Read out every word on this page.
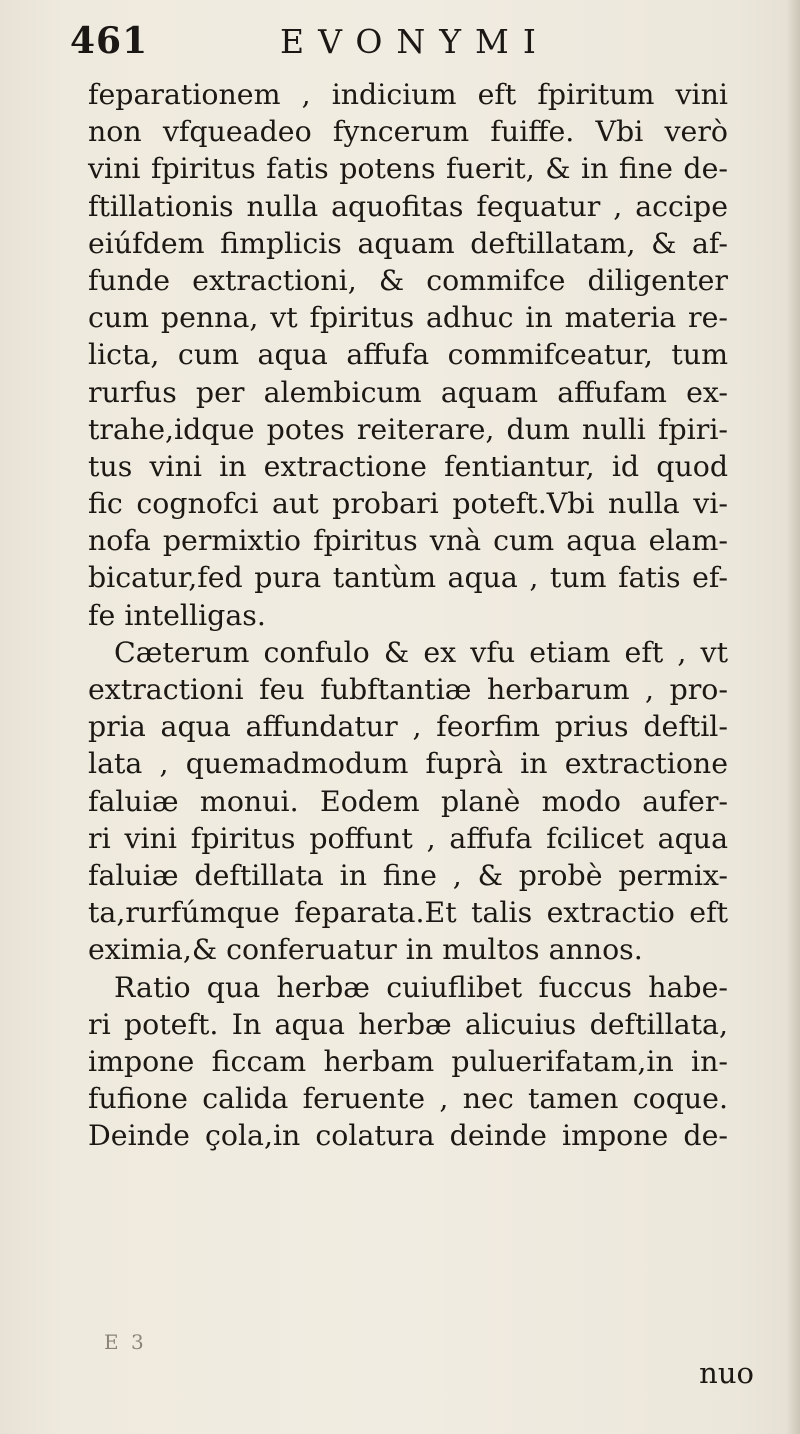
461	EVONYMI
feparationem , indicium eft fpiritum vini
non vfqueadeo fyncerum fuiffe. Vbi verò
vini fpiritus fatis potens fuerit, & in fine de-
ftillationis nulla aquofitas fequatur , accipe
eiúfdem fimplicis aquam deftillatam, & af-
funde extractioni, & commifce diligenter
cum penna, vt fpiritus adhuc in materia re-
licta, cum aqua affufa commifceatur, tum
rurfus per alembicum aquam affufam ex-
trahe,idque potes reiterare, dum nulli fpiri-
tus vini in extractione fentiantur, id quod
fic cognofci aut probari poteft.Vbi nulla vi-
nofa permixtio fpiritus vnà cum aqua elam-
bicatur,fed pura tantùm aqua , tum fatis ef-
fe intelligas.
Cæterum confulo & ex vfu etiam eft , vt
extractioni feu fubftantiæ herbarum , pro-
pria aqua affundatur , feorfim prius deftil-
lata , quemadmodum fuprà in extractione
faluiæ monui. Eodem planè modo aufer-
ri vini fpiritus poffunt , affufa fcilicet aqua
faluiæ deftillata in fine , & probè permix-
ta,rurfúmque feparata.Et talis extractio eft
eximia,& conferuatur in multos annos.
Ratio qua herbæ cuiuflibet fuccus habe-
ri poteft. In aqua herbæ alicuius deftillata,
impone ficcam herbam puluerifatam,in in-
fufione calida feruente , nec tamen coque.
Deinde çola,in colatura deinde impone de-
E 3
nuo
